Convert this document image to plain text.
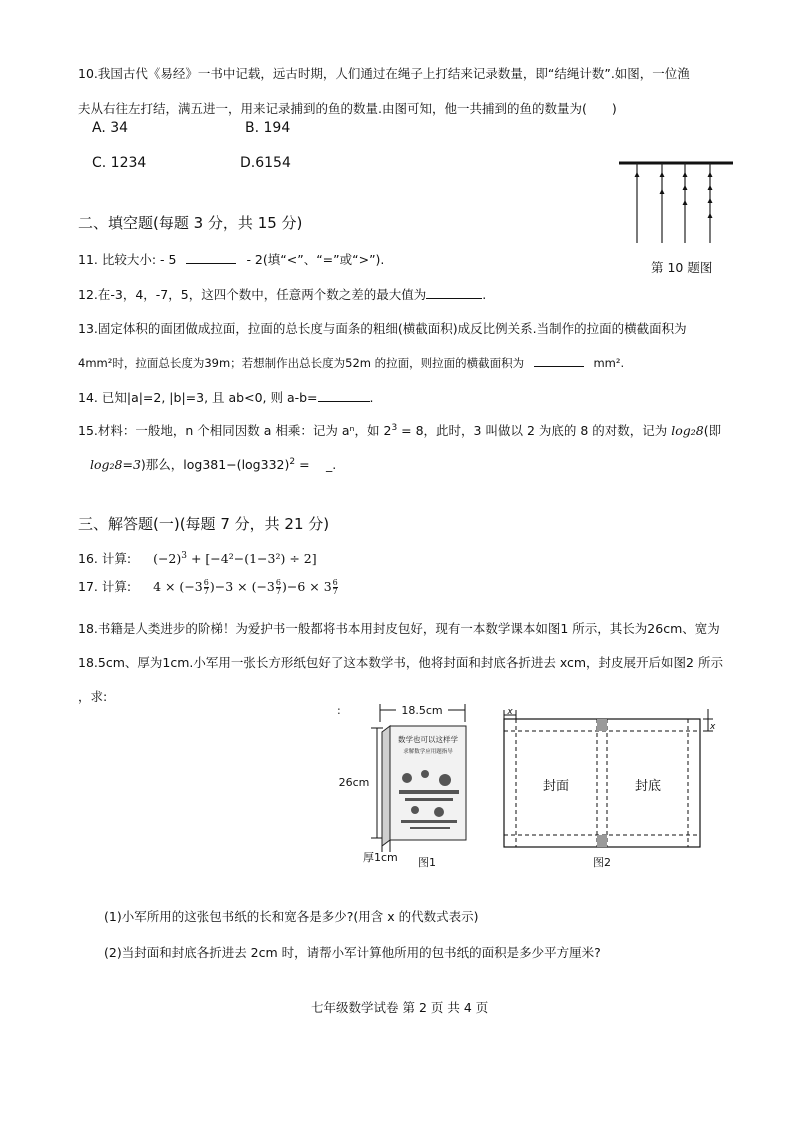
10.我国古代《易经》一书中记载，远古时期，人们通过在绳子上打结来记录数量，即“结绳计数”.如图，一位渔
夫从右往左打结，满五进一，用来记录捕到的鱼的数量.由图可知，他一共捕到的鱼的数量为(　　)
A. 34	B. 194
C. 1234	D.6154
第 10 题图
二、填空题(每题 3 分，共 15 分)
11. 比较大小: - 5	- 2(填“<”、“=”或“>”).
12.在-3，4，-7，5，这四个数中，任意两个数之差的最大值为	.
13.固定体积的面团做成拉面，拉面的总长度与面条的粗细(横截面积)成反比例关系.当制作的拉面的横截面积为
4mm²时，拉面总长度为39m；若想制作出总长度为52m 的拉面，则拉面的横截面积为	mm².
14. 已知|a|=2, |b|=3, 且 ab<0, 则 a-b=	.
15.材料：一般地，n 个相同因数 a 相乘：记为 aⁿ，如 $2^3 = 8$，此时，3 叫做以 2 为底的 8 的对数，记为 log₂8(即
log₂8=3)那么，$\log 381-(\log 332)^2$ =　 _.
三、解答题(一)(每题 7 分，共 21 分)
16. 计算: $(-2)^3 + [-4^2-(1-3^2) \div 2]$
17. 计算: $4 \times (-3 \frac{6}{7} )-3 \times (-3 \frac{6}{7} )-6 \times 3 \frac{6}{7}$
18.书籍是人类进步的阶梯！为爱护书一般都将书本用封皮包好，现有一本数学课本如图1 所示，其长为26cm、宽为
18.5cm、厚为1cm.小军用一张长方形纸包好了这本数学书，他将封面和封底各折进去 xcm，封皮展开后如图2 所示
，求:
:	18.5cm
26cm
数学也可以这样学
求解数学应用题指导
厚1cm 图1
x
x
封面	封底
图2
(1)小军所用的这张包书纸的长和宽各是多少?(用含 x 的代数式表示)
(2)当封面和封底各折进去 2cm 时，请帮小军计算他所用的包书纸的面积是多少平方厘米?
七年级数学试卷 第 2 页 共 4 页
